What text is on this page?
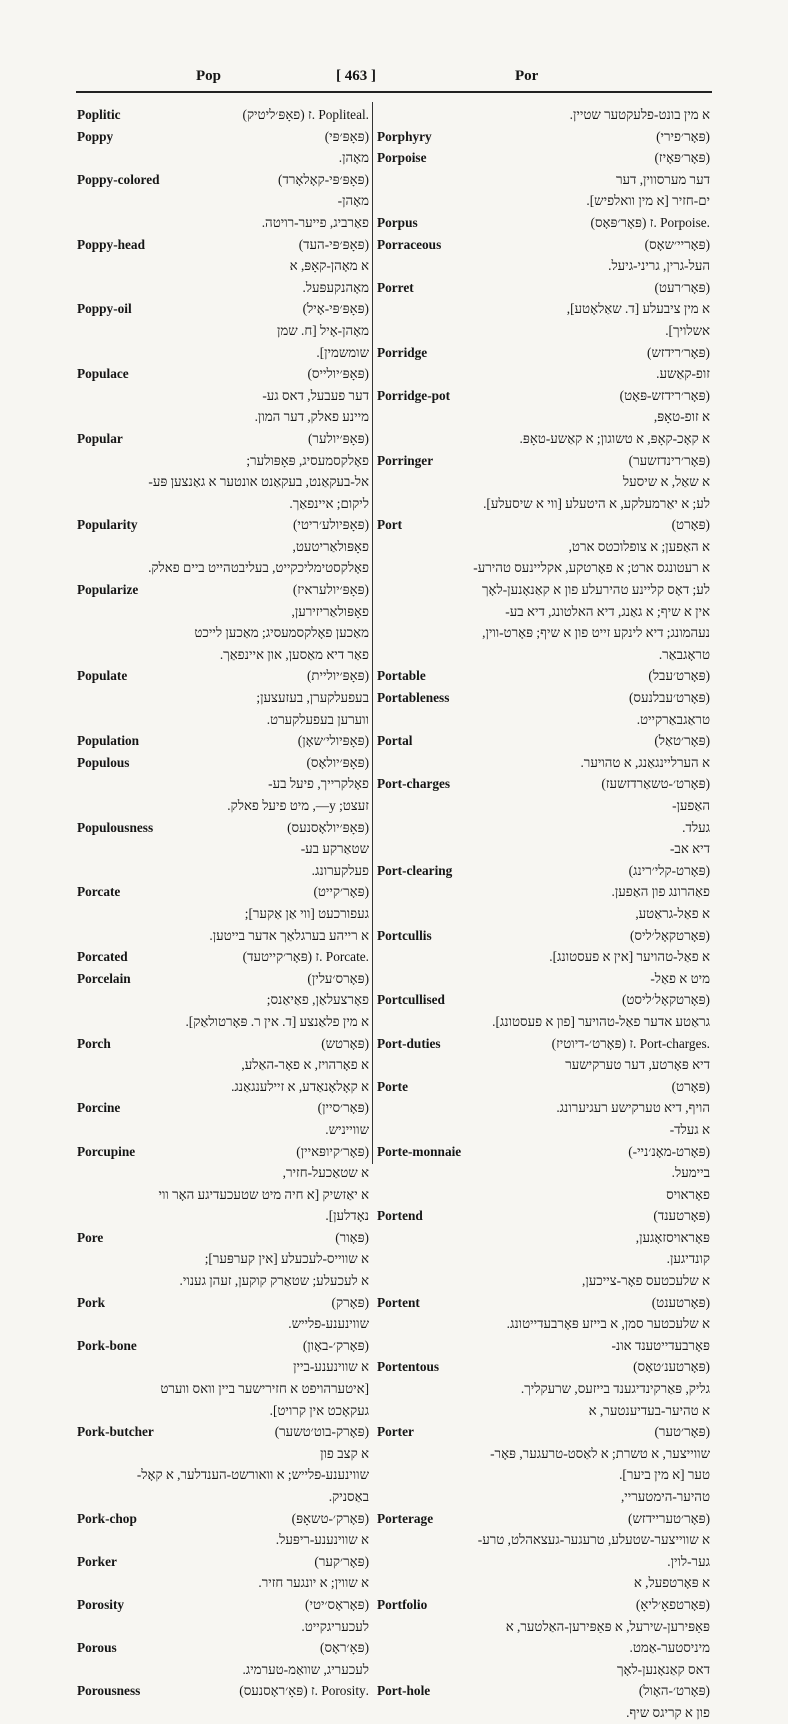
Pop	[ 463 ]	Por
Poplitic	.Popliteal .ז (פאָפּ׳ליטיק)
Poppy	(פּאָפּ׳פּי)
מאָהן.
Poppy-colored	(פּאָפּ׳פּי-קאָלאָרד)
מאָהן-
פאַרביג, פייער-רויטה.
Poppy-head	(פּאָפּ׳פּי-העד)
א מאָהן-קאָפּ, א
מאָהנקעפּעל.
Poppy-oil	(פּאָפּ׳פּי-אָיל)
מאָהן-אָיל [ח. שמן
שומשמין].
Populace	(פּאָפּ׳יולייס)
דער פעבעל, דאס גע-
מיינע פאלק, דער המון.
Popular	(פּאָפּ׳יולער)
פאָלקסמעסיג, פּאָפּולער;
אל-בעקאַנט, בעקאַנט אונטער א גאַנצען פּע-
ליקום; איינפאַך.
Popularity	(פּאָפּיולע׳ריטי)
פאָפּולאַריטעט,
פאָלקסטימליכקייט, בעליבטהייט ביים פאלק.
Popularize	(פּאָפּ׳יולעראיז)
פאָפּולאַריזירען,
מאַכען פאָלקסמעסיג; מאַכען לייכט
פאַר דיא מאַסען, און איינפאַך.
Populate	(פּאָפּ׳יוליית)
בעפעלקערן, בעזעצען;
ווערען בעפעלקערט.
Population	(פּאָפּיולי׳שאָן)
Populous	(פּאָפּ׳יולאָס)
פאָלקרייך, פיעל בע-
זעצט; y—, מיט פיעל פאלק.
Populousness	(פּאָפּ׳יולאָסנעס)
שטאַרקע בע-
פעלקערונג.
Porcate	(פּאָר׳קייט)
געפורכעט [ווי אַן אַקער];
א רייהע בערגלאַך אדער בייטען.
Porcated	.Porcate .ז (פּאָר׳קייטעד)
Porcelain	(פּאָרס׳עלין)
פאָרצעלאַן, פאַיאַנס;
א מין פלאַנצע [ד. אין ר. פּאָרטולאַק].
Porch	(פּאָרטש)
א פאָרהויז, א פאָר-האַלע,
א קאָלאָנאַדע, א זיילענגאַנג.
Porcine	(פּאָר׳סיין)
שווייניש.
Porcupine	(פּאָר׳קיופּאיין)
א שטאַכעל-חזיר,
א יאַזשיק [א חיה מיט שטעכעדיגע האָר ווי
נאָדלען].
Pore	(פּאָור)
א שווייס-לעכעלע [אין קערפּער];
א לעכעלע; שטאַרק קוקען, זעהן גענוי.
Pork	(פּאָרק)
שווינענע-פלייש.
Pork-bone	(פּאָרק׳-באָון)
א שווינענע-ביין
[איטערהויפט א חזירישער ביין וואס ווערט
געקאָכט אין קרויט].
Pork-butcher	(פּאָרק-בוט׳טשער)
א קצב פון
שווינענע-פלייש; א וואורשט-הענדלער, א קאָל-
באַסניק.
Pork-chop	(פּאָרק׳-טשאָפּ)
א שווינענע-ריפּעל.
Porker	(פּאָר׳קער)
א שווין; א יונגער חזיר.
Porosity	(פּאָראָס׳יטי)
לעכעריגקייט.
Porous	(פּאָ׳ראָס)
לעכעריג, שוואַמ-טערמיג.
Porousness	.Porosity .ז (פּאָ׳ראָסנעס)
א מין בונט-פלעקטער שטיין.
Porphyry	(פּאָר׳פירי)
Porpoise	(פּאָר׳פּאָיז)
דער מערסווין, דער
ים-חזיר [א מין וואלפיש].
Porpus	.Porpoise .ז (פּאָר׳פּאָס)
Porraceous	(פּאָריי׳שאָס)
העל-גרין, גריני-גיעל.
Porret	(פּאָר׳רעט)
א מין ציבעלע [ד. שאַלאָטע],
אשלויך].
Porridge	(פּאָר׳רידזש)
זופ-קאַשע.
Porridge-pot	(פּאָר׳רידזש-פּאָט)
א זופ-טאָפּ,
א קאָכ-קאָפּ, א טשוגון; א קאַשע-טאָפּ.
Porringer	(פּאָר׳רינדזשער)
א שאַל, א שיסעל
לע; א יאַרמעלקע, א היטעלע [ווי א שיסעלע].
Port	(פּאָרט)
א האַפען; א צופלוכטס ארט,
א רעטונגס ארט; א פאָרטקע, אקליינעס טהירע-
לע; דאָס קליינע טהירעלע פון א קאַנאָנען-לאָך
אין א שיף; א גאַנג, דיא האלטונג, דיא בע-
נעהמונג; דיא לינקע זייט פון א שיף; פּאָרט-ווין,
טראָגבאַר.
Portable	(פּאָרט׳עבל)
Portableness	(פּאָרט׳עבלנעס)
טראַגבאַרקייט.
Portal	(פּאָר׳טאַל)
א הערליינגאַנג, א טהויער.
Port-charges	(פּאָרט׳-טשאַרדזשעז)
האַפען-
געלד.
דיא אב-
Port-clearing	(פּאָרט-קלי׳רינג)
פאַהרונג פון האַפען.
א פאַל-גראַטע,
Portcullis	(פּאָרטקאָל׳ליס)
א פאַל-טהויער [אין א פעסטונג].
מיט א פאַל-
Portcullised	(פּאָרטקאָל׳ליסט)
גראַטע אדער פאַל-טהויער [פון א פעסטונג].
Port-duties	.Port-charges .ז (פּאָרט׳-דיוטיז)
דיא פּאָרטע, דער טערקישער
Porte	(פּאָרט)
הויף, דיא טערקישע רעגיערונג.
א געלד-
Porte-monnaie	(פּאָרט-מאָנ׳ניי-)
ביימעל.
פאָראויס
Portend	(פּאָרטענד)
פּאָראויסזאָגען,
קונדיגען.
א שלעכטעס פאָר-צייכען,
Portent	(פּאָרטענט)
א שלעכטער סמן, א בייזע פּאָרבעדייטונג.
פּאָרבעדייטענד אונ-
Portentous	(פּאָרטענ׳טאָס)
גליק, פּאַרקינדיגענד בייזעס, שרעקליך.
א טהיער-בעדיענטער, א
Porter	(פּאָר׳טער)
שווייצער, א טשרת; א לאַסט-טרעגער, פּאָר-
טער [א מין ביער].
טהיער-הימטעריי,
Porterage	(פּאָר׳טעריידזש)
א שווייצער-שטעלע, טרעגער-געצאהלט, טרע-
גער-לוין.
א פּאָרטפעל, א
Portfolio	(פּאָרטפאָ׳ליאָ)
פּאַפּירען-שירעל, א פּאַפּירען-האַלטער, א
מיניסטער-אַמט.
דאס קאַנאָנען-לאָך
Port-hole	(פּאָרט׳-האָול)
פון א קריגס שיף.
